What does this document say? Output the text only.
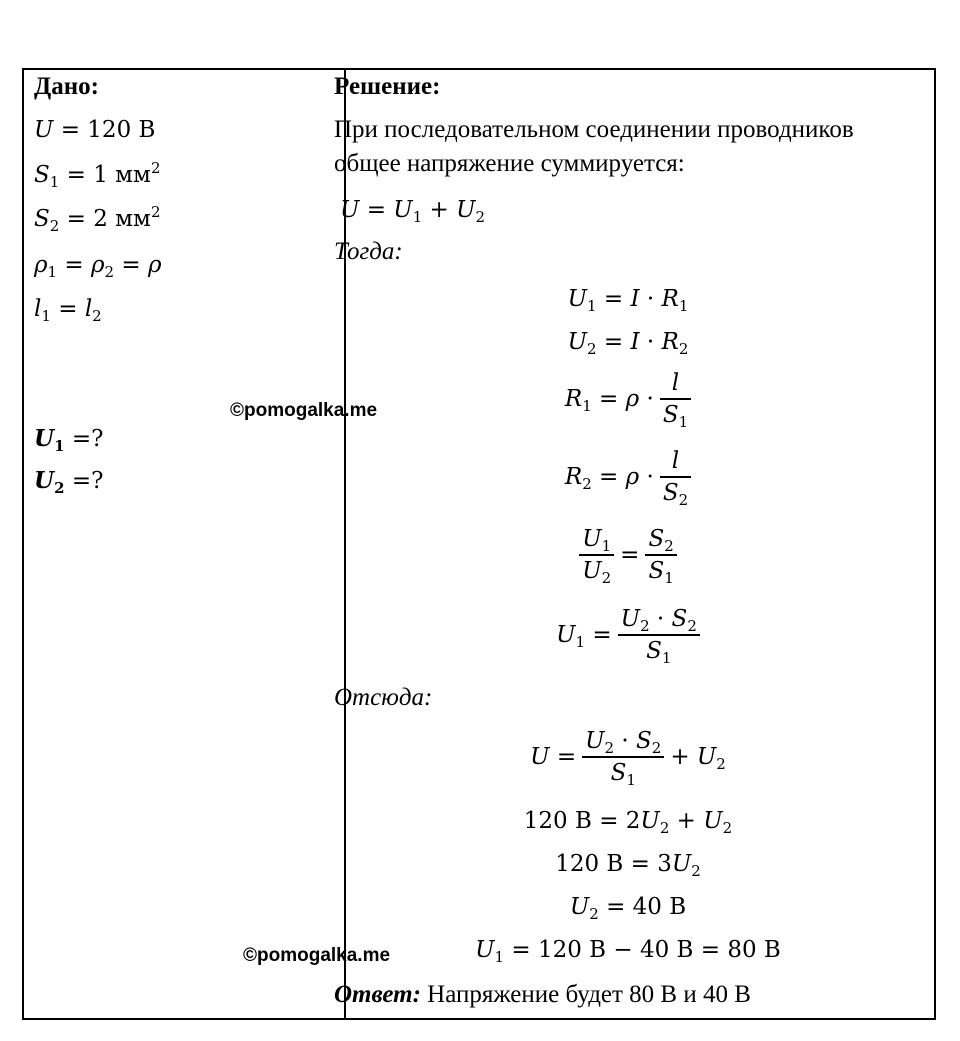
Дано:
U = 120 В
$S_1 = 1$ $мм^2$
$S_2 = 2$ $мм^2$
$\rho_1 = \rho_2 = \rho$
$l_1 = l_2$
$U_1$ =?
$U_2$ =?
Решение:
При последовательном соединении проводников
общее напряжение суммируется:
$U = U_1 + U_2$
Тогда:
$U_1 = I \cdot R_1$
$U_2 = I \cdot R_2$
$R_1 = \rho \cdot \frac{l}{S_1}$
$R_2 = \rho \cdot \frac{l}{S_2}$
$\frac{U_1}{U_2} = \frac{S_2}{S_1}$
$U_1 = \frac{U_2 \cdot S_2}{S_1}$
Отсюда:
$U = \frac{U_2 \cdot S_2}{S_1} + U_2$
120 $В = 2U_2 + U_2$
120 $В = 3U_2$
$U_2 = 40$ В
$U_1 = 120$ В − 40 В = 80 В
Ответ: Напряжение будет 80 В и 40 В
©pomogalka.me
©pomogalka.me
